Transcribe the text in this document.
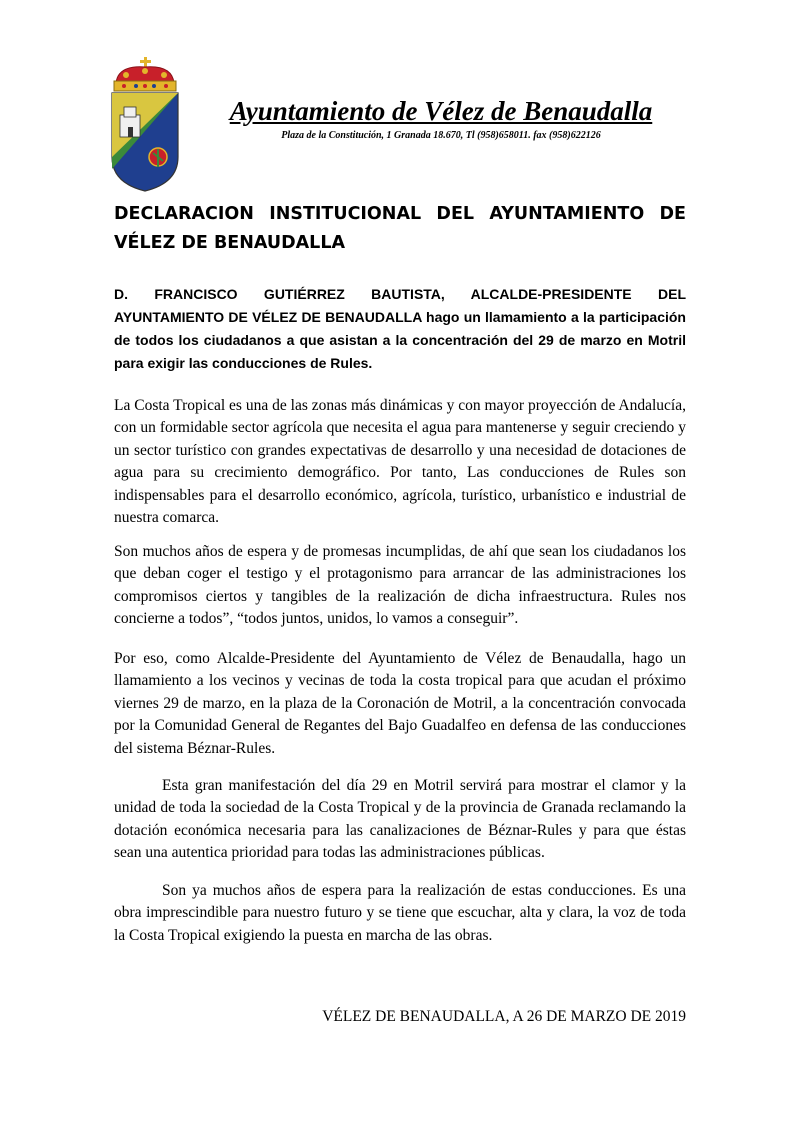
Ayuntamiento de Vélez de Benaudalla
Plaza de la Constitución, 1 Granada 18.670, Tl (958)658011. fax (958)622126
DECLARACION INSTITUCIONAL DEL AYUNTAMIENTO DE VÉLEZ DE BENAUDALLA
D. FRANCISCO GUTIÉRREZ BAUTISTA, ALCALDE-PRESIDENTE DEL AYUNTAMIENTO DE VÉLEZ DE BENAUDALLA hago un llamamiento a la participación de todos los ciudadanos a que asistan a la concentración del 29 de marzo en Motril para exigir las conducciones de Rules.
La Costa Tropical es una de las zonas más dinámicas y con mayor proyección de Andalucía, con un formidable sector agrícola que necesita el agua para mantenerse y seguir creciendo y un sector turístico con grandes expectativas de desarrollo y una necesidad de dotaciones de agua para su crecimiento demográfico. Por tanto, Las conducciones de Rules son indispensables para el desarrollo económico, agrícola, turístico, urbanístico e industrial de nuestra comarca.
Son muchos años de espera y de promesas incumplidas, de ahí que sean los ciudadanos los que deban coger el testigo y el protagonismo para arrancar de las administraciones los compromisos ciertos y tangibles de la realización de dicha infraestructura. Rules nos concierne a todos”, “todos juntos, unidos, lo vamos a conseguir”.
Por eso, como Alcalde-Presidente del Ayuntamiento de Vélez de Benaudalla, hago un llamamiento a los vecinos y vecinas de toda la costa tropical para que acudan el próximo viernes 29 de marzo, en la plaza de la Coronación de Motril, a la concentración convocada por la Comunidad General de Regantes del Bajo Guadalfeo en defensa de las conducciones del sistema Béznar-Rules.
Esta gran manifestación del día 29 en Motril servirá para mostrar el clamor y la unidad de toda la sociedad de la Costa Tropical y de la provincia de Granada reclamando la dotación económica necesaria para las canalizaciones de Béznar-Rules y para que éstas sean una autentica prioridad para todas las administraciones públicas.
Son ya muchos años de espera para la realización de estas conducciones. Es una obra imprescindible para nuestro futuro y se tiene que escuchar, alta y clara, la voz de toda la Costa Tropical exigiendo la puesta en marcha de las obras.
VÉLEZ DE BENAUDALLA, A 26 DE MARZO DE 2019
